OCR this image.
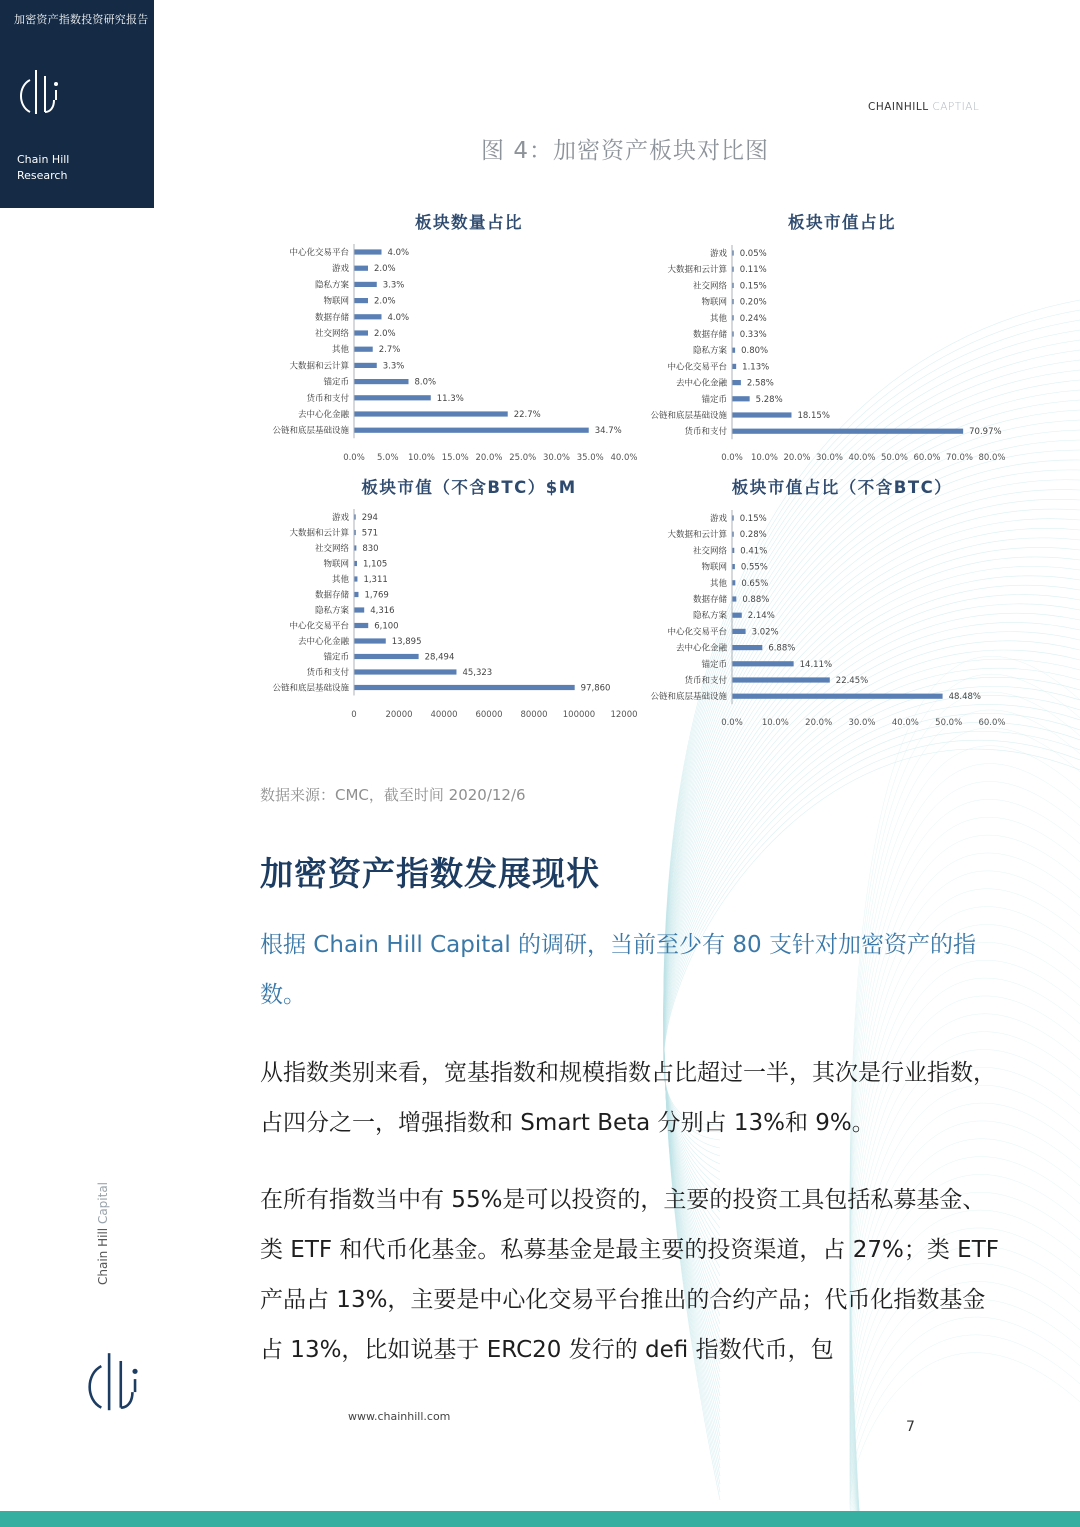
加密资产指数投资研究报告
Chain Hill
Research
CHAINHILL CAPTIAL
图 4：加密资产板块对比图
板块数量占比
中心化交易平台	4.0%
游戏	2.0%
隐私方案	3.3%
物联网	2.0%
数据存储	4.0%
社交网络	2.0%
其他	2.7%
大数据和云计算	3.3%
锚定币	8.0%
货币和支付	11.3%
去中心化金融	22.7%
公链和底层基础设施	34.7%
0.0% 5.0% 10.0% 15.0% 20.0% 25.0% 30.0% 35.0% 40.0%
板块市值占比
游戏 0.05%
大数据和云计算 0.11%
社交网络 0.15%
物联网 0.20%
其他 0.24%
数据存储 0.33%
隐私方案 0.80%
中心化交易平台 1.13%
去中心化金融 2.58%
锚定币	5.28%
公链和底层基础设施	18.15%
货币和支付	70.97%
0.0% 10.0% 20.0% 30.0% 40.0% 50.0% 60.0% 70.0% 80.0%
板块市值（不含BTC）$M
游戏 294
大数据和云计算 571
社交网络 830
物联网 1,105
其他 1,311
数据存储 1,769
隐私方案 4,316
中心化交易平台	6,100
去中心化金融	13,895
锚定币	28,494
货币和支付	45,323
公链和底层基础设施	97,860
0	20000 40000 60000 80000 100000 12000
板块市值占比（不含BTC）
游戏 0.15%
大数据和云计算 0.28%
社交网络 0.41%
物联网 0.55%
其他 0.65%
数据存储 0.88%
隐私方案 2.14%
中心化交易平台	3.02%
去中心化金融	6.88%
锚定币	14.11%
货币和支付	22.45%
公链和底层基础设施	48.48%
0.0% 10.0% 20.0% 30.0% 40.0% 50.0% 60.0%
数据来源：CMC，截至时间 2020/12/6
加密资产指数发展现状
根据 Chain Hill Capital 的调研，当前至少有 80 支针对加密资产的指数。
从指数类别来看，宽基指数和规模指数占比超过一半，其次是行业指数，占四分之一，增强指数和 Smart Beta 分别占 13%和 9%。
在所有指数当中有 55%是可以投资的，主要的投资工具包括私募基金、类 ETF 和代币化基金。私募基金是最主要的投资渠道，占 27%；类 ETF 产品占 13%，主要是中心化交易平台推出的合约产品；代币化指数基金占 13%，比如说基于 ERC20 发行的 defi 指数代币，包
Chain Hill Capital
www.chainhill.com
7
